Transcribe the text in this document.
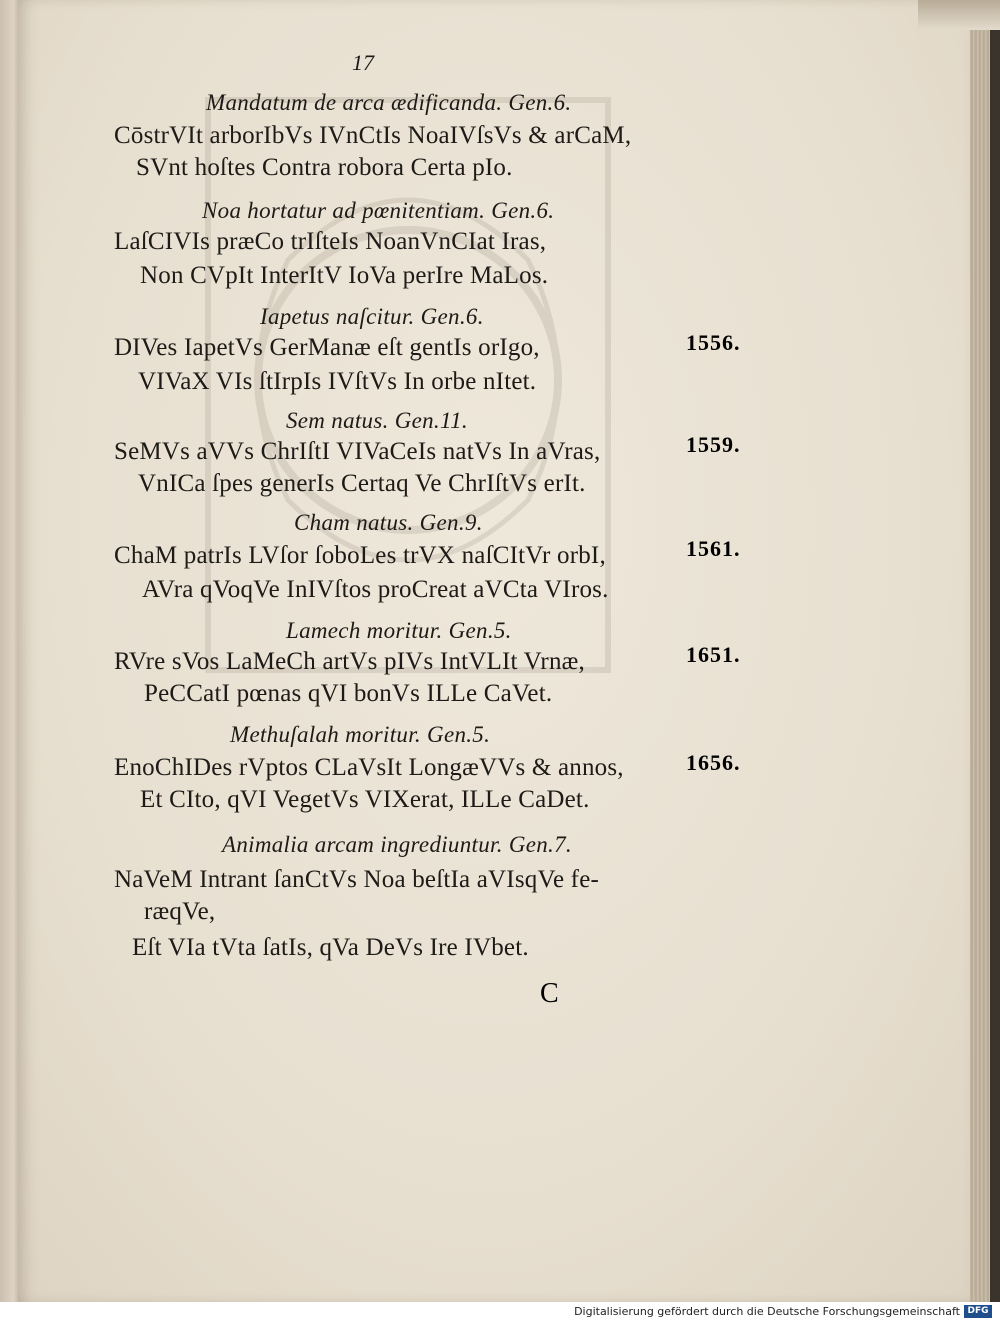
17
Mandatum de arca ædificanda. Gen.6.
CōstrVIt arborIbVs IVnCtIs NoaIVſsVs & arCaM,
SVnt hoſtes Contra robora Certa pIo.
Noa hortatur ad pœnitentiam. Gen.6.
LaſCIVIs præCo trIſteIs NoanVnCIat Iras,
Non CVpIt InterItV IoVa perIre MaLos.
Iapetus naſcitur. Gen.6.
DIVes IapetVs GerManæ eſt gentIs orIgo,
VIVaX VIs ſtIrpIs IVſtVs In orbe nItet.
Sem natus. Gen.11.
SeMVs aVVs ChrIſtI VIVaCeIs natVs In aVras,
VnICa ſpes generIs Certaq Ve ChrIſtVs erIt.
Cham natus. Gen.9.
ChaM patrIs LVſor ſoboLes trVX naſCItVr orbI,
AVra qVoqVe InIVſtos proCreat aVCta VIros.
Lamech moritur. Gen.5.
RVre sVos LaMeCh artVs pIVs IntVLIt Vrnæ,
PeCCatI pœnas qVI bonVs ILLe CaVet.
Methuſalah moritur. Gen.5.
EnoChIDes rVptos CLaVsIt LongæVVs & annos,
Et CIto, qVI VegetVs VIXerat, ILLe CaDet.
Animalia arcam ingrediuntur. Gen.7.
NaVeM Intrant ſanCtVs Noa beſtIa aVIsqVe fe-
ræqVe,
Eſt VIa tVta ſatIs, qVa DeVs Ire IVbet.
1556.
1559.
1561.
1651.
1656.
C
Digitalisierung gefördert durch die Deutsche Forschungsgemeinschaft DFG
